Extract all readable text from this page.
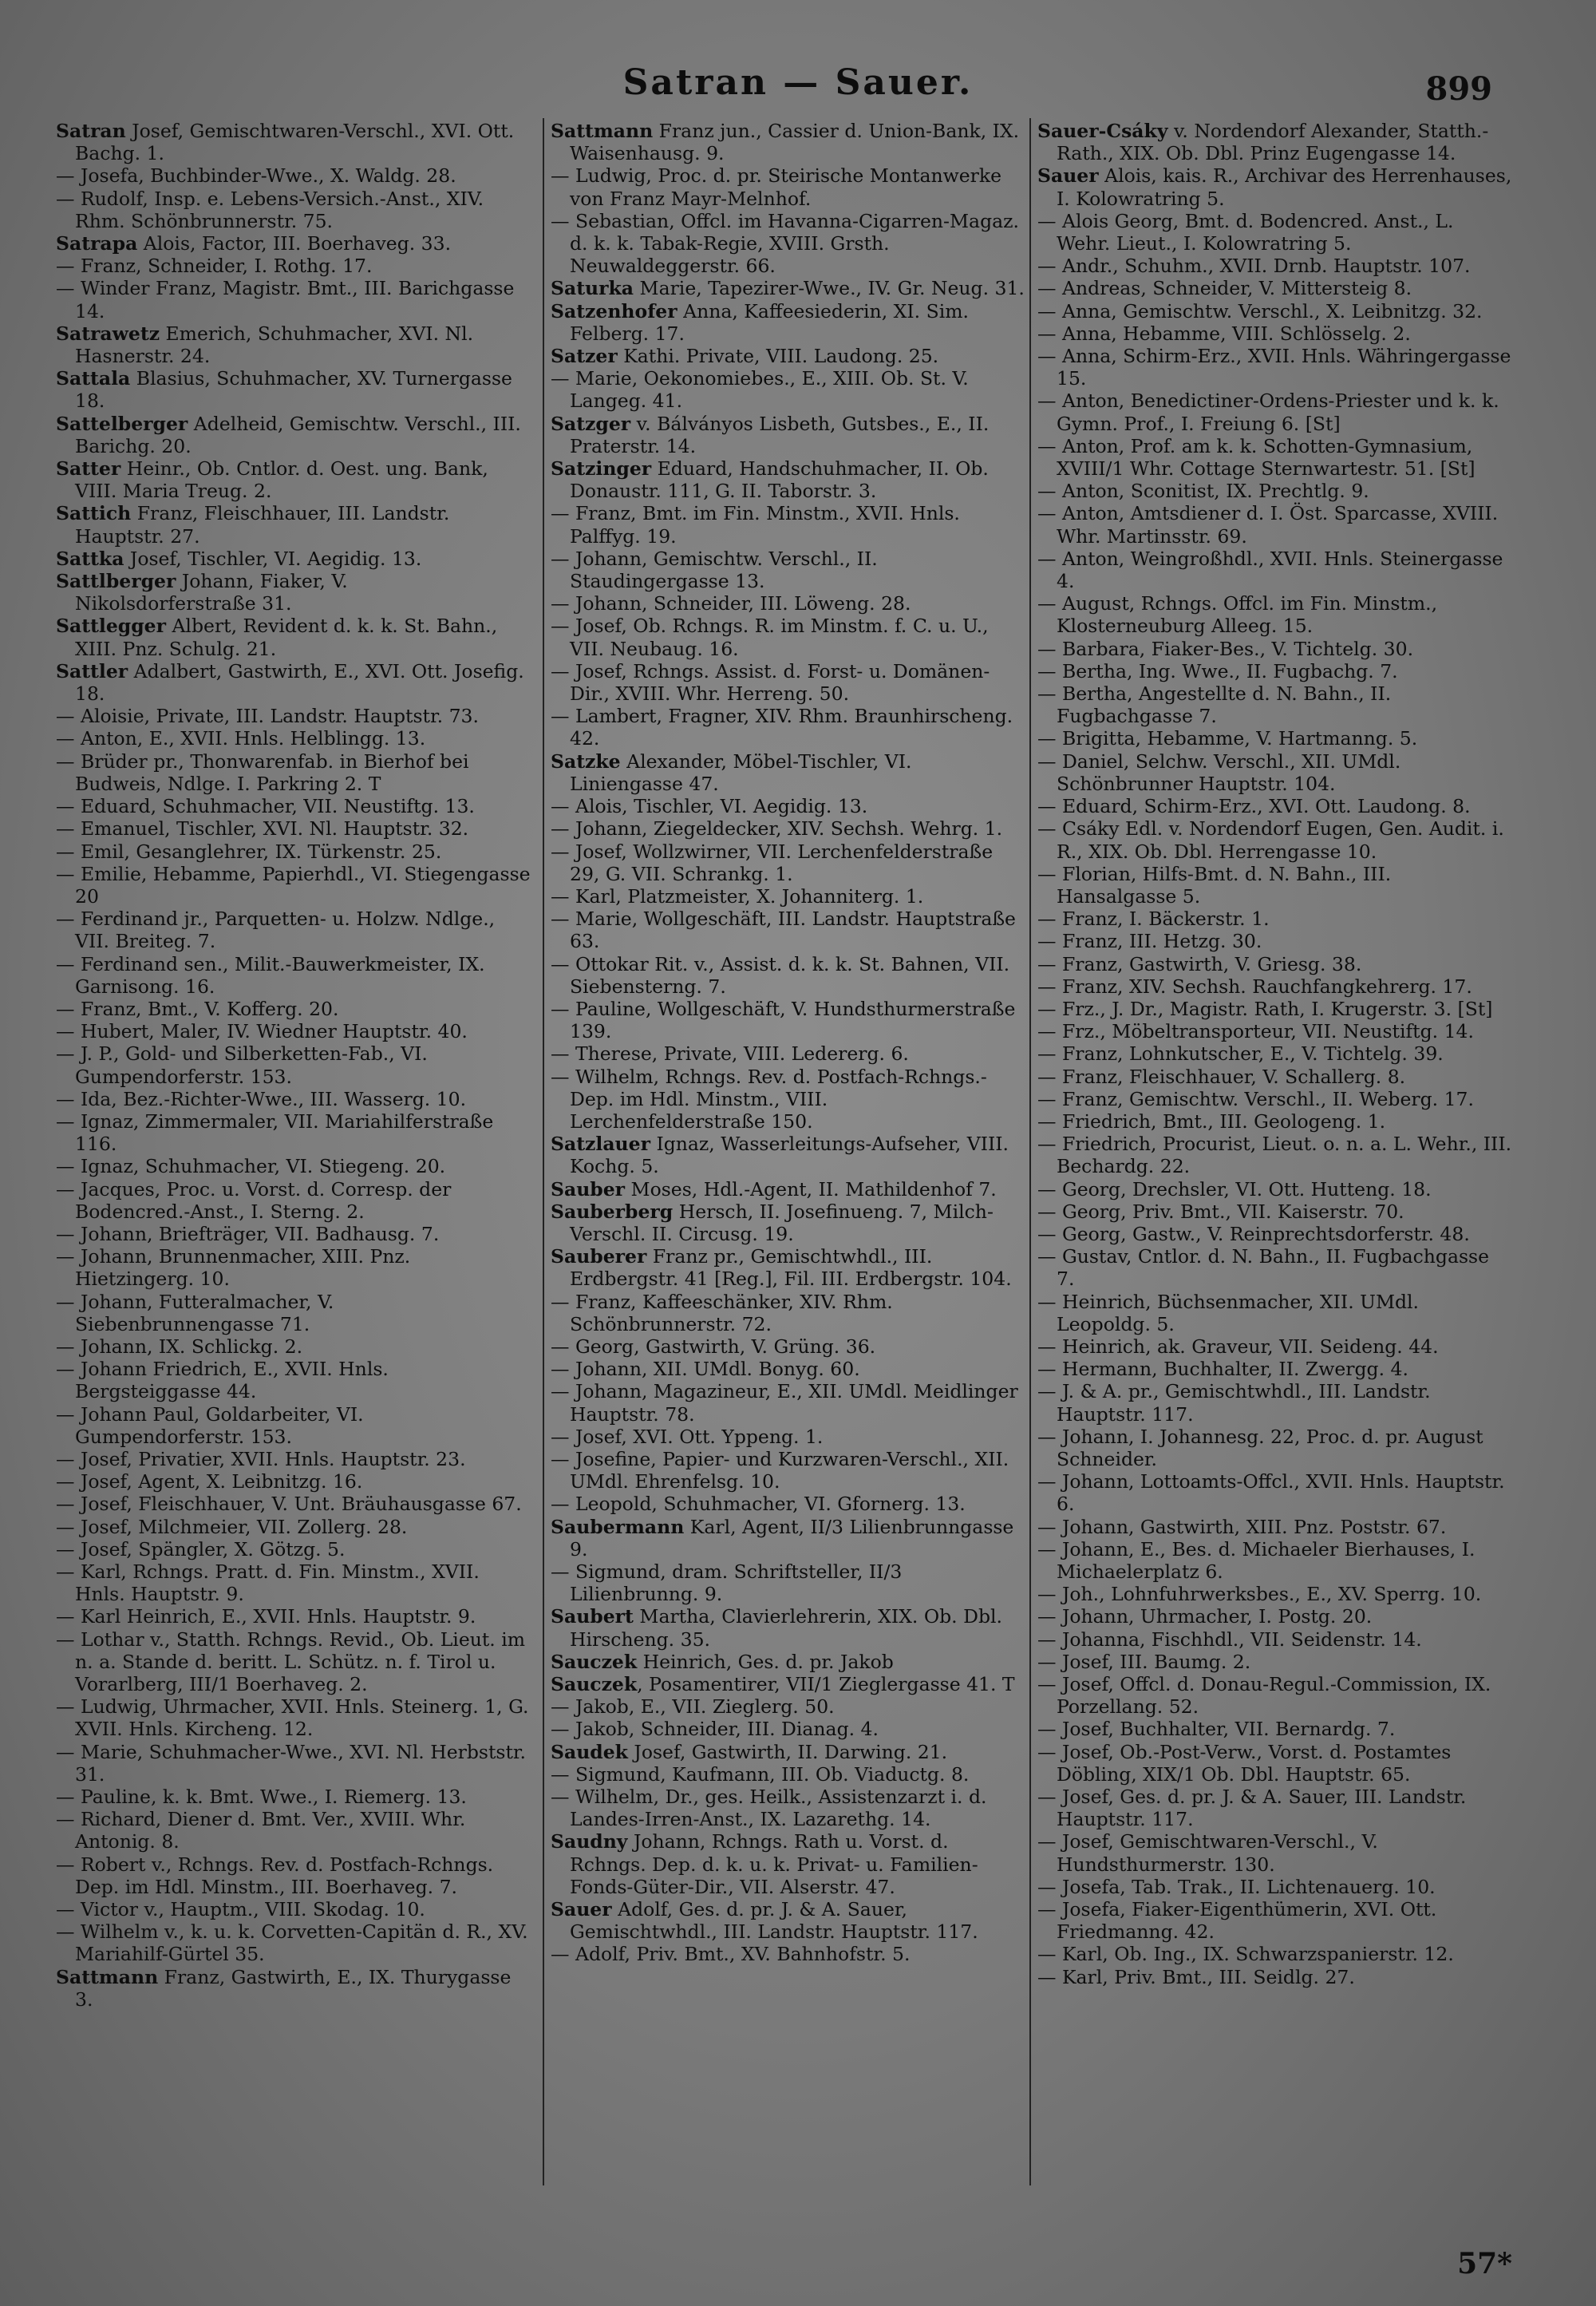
Satran — Sauer.	899

Satran Josef, Gemischtwaren-Verschl., XVI. Ott. Bachg. 1.

— Josefa, Buchbinder-Wwe., X. Waldg. 28.

— Rudolf, Insp. e. Lebens-Versich.-Anst., XIV. Rhm. Schönbrunnerstr. 75.

Satrapa Alois, Factor, III. Boerhaveg. 33.

— Franz, Schneider, I. Rothg. 17.

— Winder Franz, Magistr. Bmt., III. Barichgasse 14.

Satrawetz Emerich, Schuhmacher, XVI. Nl. Hasnerstr. 24.

Sattala Blasius, Schuhmacher, XV. Turnergasse 18.

Sattelberger Adelheid, Gemischtw. Verschl., III. Barichg. 20.

Satter Heinr., Ob. Cntlor. d. Oest. ung. Bank, VIII. Maria Treug. 2.

Sattich Franz, Fleischhauer, III. Landstr. Hauptstr. 27.

Sattka Josef, Tischler, VI. Aegidig. 13.

Sattlberger Johann, Fiaker, V. Nikolsdorferstraße 31.

Sattlegger Albert, Revident d. k. k. St. Bahn., XIII. Pnz. Schulg. 21.

Sattler Adalbert, Gastwirth, E., XVI. Ott. Josefig. 18.

— Aloisie, Private, III. Landstr. Hauptstr. 73.

— Anton, E., XVII. Hnls. Helblingg. 13.

— Brüder pr., Thonwarenfab. in Bierhof bei Budweis, Ndlge. I. Parkring 2. T

— Eduard, Schuhmacher, VII. Neustiftg. 13.

— Emanuel, Tischler, XVI. Nl. Hauptstr. 32.

— Emil, Gesanglehrer, IX. Türkenstr. 25.

— Emilie, Hebamme, Papierhdl., VI. Stiegengasse 20

— Ferdinand jr., Parquetten- u. Holzw. Ndlge., VII. Breiteg. 7.

— Ferdinand sen., Milit.-Bauwerkmeister, IX. Garnisong. 16.

— Franz, Bmt., V. Kofferg. 20.

— Hubert, Maler, IV. Wiedner Hauptstr. 40.

— J. P., Gold- und Silberketten-Fab., VI. Gumpendorferstr. 153.

— Ida, Bez.-Richter-Wwe., III. Wasserg. 10.

— Ignaz, Zimmermaler, VII. Mariahilferstraße 116.

— Ignaz, Schuhmacher, VI. Stiegeng. 20.

— Jacques, Proc. u. Vorst. d. Corresp. der Bodencred.-Anst., I. Sterng. 2.

— Johann, Briefträger, VII. Badhausg. 7.

— Johann, Brunnenmacher, XIII. Pnz. Hietzingerg. 10.

— Johann, Futteralmacher, V. Siebenbrunnengasse 71.

— Johann, IX. Schlickg. 2.

— Johann Friedrich, E., XVII. Hnls. Bergsteiggasse 44.

— Johann Paul, Goldarbeiter, VI. Gumpendorferstr. 153.

— Josef, Privatier, XVII. Hnls. Hauptstr. 23.

— Josef, Agent, X. Leibnitzg. 16.

— Josef, Fleischhauer, V. Unt. Bräuhausgasse 67.

— Josef, Milchmeier, VII. Zollerg. 28.

— Josef, Spängler, X. Götzg. 5.

— Karl, Rchngs. Pratt. d. Fin. Minstm., XVII. Hnls. Hauptstr. 9.

— Karl Heinrich, E., XVII. Hnls. Hauptstr. 9.

— Lothar v., Statth. Rchngs. Revid., Ob. Lieut. im n. a. Stande d. beritt. L. Schütz. n. f. Tirol u. Vorarlberg, III/1 Boerhaveg. 2.

— Ludwig, Uhrmacher, XVII. Hnls. Steinerg. 1, G. XVII. Hnls. Kircheng. 12.

— Marie, Schuhmacher-Wwe., XVI. Nl. Herbststr. 31.

— Pauline, k. k. Bmt. Wwe., I. Riemerg. 13.

— Richard, Diener d. Bmt. Ver., XVIII. Whr. Antonig. 8.

— Robert v., Rchngs. Rev. d. Postfach-Rchngs. Dep. im Hdl. Minstm., III. Boerhaveg. 7.

— Victor v., Hauptm., VIII. Skodag. 10.

— Wilhelm v., k. u. k. Corvetten-Capitän d. R., XV. Mariahilf-Gürtel 35.

Sattmann Franz, Gastwirth, E., IX. Thurygasse 3.

Sattmann Franz jun., Cassier d. Union-Bank, IX. Waisenhausg. 9.

— Ludwig, Proc. d. pr. Steirische Montanwerke von Franz Mayr-Melnhof.

— Sebastian, Offcl. im Havanna-Cigarren-Magaz. d. k. k. Tabak-Regie, XVIII. Grsth. Neuwaldeggerstr. 66.

Saturka Marie, Tapezirer-Wwe., IV. Gr. Neug. 31.

Satzenhofer Anna, Kaffeesiederin, XI. Sim. Felberg. 17.

Satzer Kathi. Private, VIII. Laudong. 25.

— Marie, Oekonomiebes., E., XIII. Ob. St. V. Langeg. 41.

Satzger v. Bálványos Lisbeth, Gutsbes., E., II. Praterstr. 14.

Satzinger Eduard, Handschuhmacher, II. Ob. Donaustr. 111, G. II. Taborstr. 3.

— Franz, Bmt. im Fin. Minstm., XVII. Hnls. Palffyg. 19.

— Johann, Gemischtw. Verschl., II. Staudingergasse 13.

— Johann, Schneider, III. Löweng. 28.

— Josef, Ob. Rchngs. R. im Minstm. f. C. u. U., VII. Neubaug. 16.

— Josef, Rchngs. Assist. d. Forst- u. Domänen-Dir., XVIII. Whr. Herreng. 50.

— Lambert, Fragner, XIV. Rhm. Braunhirscheng. 42.

Satzke Alexander, Möbel-Tischler, VI. Liniengasse 47.

— Alois, Tischler, VI. Aegidig. 13.

— Johann, Ziegeldecker, XIV. Sechsh. Wehrg. 1.

— Josef, Wollzwirner, VII. Lerchenfelderstraße 29, G. VII. Schrankg. 1.

— Karl, Platzmeister, X. Johanniterg. 1.

— Marie, Wollgeschäft, III. Landstr. Hauptstraße 63.

— Ottokar Rit. v., Assist. d. k. k. St. Bahnen, VII. Siebensterng. 7.

— Pauline, Wollgeschäft, V. Hundsthurmerstraße 139.

— Therese, Private, VIII. Ledererg. 6.

— Wilhelm, Rchngs. Rev. d. Postfach-Rchngs.-Dep. im Hdl. Minstm., VIII. Lerchenfelderstraße 150.

Satzlauer Ignaz, Wasserleitungs-Aufseher, VIII. Kochg. 5.

Sauber Moses, Hdl.-Agent, II. Mathildenhof 7.

Sauberberg Hersch, II. Josefinueng. 7, Milch-Verschl. II. Circusg. 19.

Sauberer Franz pr., Gemischtwhdl., III. Erdbergstr. 41 [Reg.], Fil. III. Erdbergstr. 104.

— Franz, Kaffeeschänker, XIV. Rhm. Schönbrunnerstr. 72.

— Georg, Gastwirth, V. Grüng. 36.

— Johann, XII. UMdl. Bonyg. 60.

— Johann, Magazineur, E., XII. UMdl. Meidlinger Hauptstr. 78.

— Josef, XVI. Ott. Yppeng. 1.

— Josefine, Papier- und Kurzwaren-Verschl., XII. UMdl. Ehrenfelsg. 10.

— Leopold, Schuhmacher, VI. Gfornerg. 13.

Saubermann Karl, Agent, II/3 Lilienbrunngasse 9.

— Sigmund, dram. Schriftsteller, II/3 Lilienbrunng. 9.

Saubert Martha, Clavierlehrerin, XIX. Ob. Dbl. Hirscheng. 35.

Sauczek Heinrich, Ges. d. pr. Jakob

Sauczek, Posamentirer, VII/1 Zieglergasse 41. T

— Jakob, E., VII. Zieglerg. 50.

— Jakob, Schneider, III. Dianag. 4.

Saudek Josef, Gastwirth, II. Darwing. 21.

— Sigmund, Kaufmann, III. Ob. Viaductg. 8.

— Wilhelm, Dr., ges. Heilk., Assistenzarzt i. d. Landes-Irren-Anst., IX. Lazarethg. 14.

Saudny Johann, Rchngs. Rath u. Vorst. d. Rchngs. Dep. d. k. u. k. Privat- u. Familien-Fonds-Güter-Dir., VII. Alserstr. 47.

Sauer Adolf, Ges. d. pr. J. & A. Sauer, Gemischtwhdl., III. Landstr. Hauptstr. 117.

— Adolf, Priv. Bmt., XV. Bahnhofstr. 5.

Sauer-Csáky v. Nordendorf Alexander, Statth.-Rath., XIX. Ob. Dbl. Prinz Eugengasse 14.

Sauer Alois, kais. R., Archivar des Herrenhauses, I. Kolowratring 5.

— Alois Georg, Bmt. d. Bodencred. Anst., L. Wehr. Lieut., I. Kolowratring 5.

— Andr., Schuhm., XVII. Drnb. Hauptstr. 107.

— Andreas, Schneider, V. Mittersteig 8.

— Anna, Gemischtw. Verschl., X. Leibnitzg. 32.

— Anna, Hebamme, VIII. Schlösselg. 2.

— Anna, Schirm-Erz., XVII. Hnls. Währingergasse 15.

— Anton, Benedictiner-Ordens-Priester und k. k. Gymn. Prof., I. Freiung 6. [St]

— Anton, Prof. am k. k. Schotten-Gymnasium, XVIII/1 Whr. Cottage Sternwartestr. 51. [St]

— Anton, Sconitist, IX. Prechtlg. 9.

— Anton, Amtsdiener d. I. Öst. Sparcasse, XVIII. Whr. Martinsstr. 69.

— Anton, Weingroßhdl., XVII. Hnls. Steinergasse 4.

— August, Rchngs. Offcl. im Fin. Minstm., Klosterneuburg Alleeg. 15.

— Barbara, Fiaker-Bes., V. Tichtelg. 30.

— Bertha, Ing. Wwe., II. Fugbachg. 7.

— Bertha, Angestellte d. N. Bahn., II. Fugbachgasse 7.

— Brigitta, Hebamme, V. Hartmanng. 5.

— Daniel, Selchw. Verschl., XII. UMdl. Schönbrunner Hauptstr. 104.

— Eduard, Schirm-Erz., XVI. Ott. Laudong. 8.

— Csáky Edl. v. Nordendorf Eugen, Gen. Audit. i. R., XIX. Ob. Dbl. Herrengasse 10.

— Florian, Hilfs-Bmt. d. N. Bahn., III. Hansalgasse 5.

— Franz, I. Bäckerstr. 1.

— Franz, III. Hetzg. 30.

— Franz, Gastwirth, V. Griesg. 38.

— Franz, XIV. Sechsh. Rauchfangkehrerg. 17.

— Frz., J. Dr., Magistr. Rath, I. Krugerstr. 3. [St]

— Frz., Möbeltransporteur, VII. Neustiftg. 14.

— Franz, Lohnkutscher, E., V. Tichtelg. 39.

— Franz, Fleischhauer, V. Schallerg. 8.

— Franz, Gemischtw. Verschl., II. Weberg. 17.

— Friedrich, Bmt., III. Geologeng. 1.

— Friedrich, Procurist, Lieut. o. n. a. L. Wehr., III. Bechardg. 22.

— Georg, Drechsler, VI. Ott. Hutteng. 18.

— Georg, Priv. Bmt., VII. Kaiserstr. 70.

— Georg, Gastw., V. Reinprechtsdorferstr. 48.

— Gustav, Cntlor. d. N. Bahn., II. Fugbachgasse 7.

— Heinrich, Büchsenmacher, XII. UMdl. Leopoldg. 5.

— Heinrich, ak. Graveur, VII. Seideng. 44.

— Hermann, Buchhalter, II. Zwergg. 4.

— J. & A. pr., Gemischtwhdl., III. Landstr. Hauptstr. 117.

— Johann, I. Johannesg. 22, Proc. d. pr. August Schneider.

— Johann, Lottoamts-Offcl., XVII. Hnls. Hauptstr. 6.

— Johann, Gastwirth, XIII. Pnz. Poststr. 67.

— Johann, E., Bes. d. Michaeler Bierhauses, I. Michaelerplatz 6.

— Joh., Lohnfuhrwerksbes., E., XV. Sperrg. 10.

— Johann, Uhrmacher, I. Postg. 20.

— Johanna, Fischhdl., VII. Seidenstr. 14.

— Josef, III. Baumg. 2.

— Josef, Offcl. d. Donau-Regul.-Commission, IX. Porzellang. 52.

— Josef, Buchhalter, VII. Bernardg. 7.

— Josef, Ob.-Post-Verw., Vorst. d. Postamtes Döbling, XIX/1 Ob. Dbl. Hauptstr. 65.

— Josef, Ges. d. pr. J. & A. Sauer, III. Landstr. Hauptstr. 117.

— Josef, Gemischtwaren-Verschl., V. Hundsthurmerstr. 130.

— Josefa, Tab. Trak., II. Lichtenauerg. 10.

— Josefa, Fiaker-Eigenthümerin, XVI. Ott. Friedmanng. 42.

— Karl, Ob. Ing., IX. Schwarzspanierstr. 12.

— Karl, Priv. Bmt., III. Seidlg. 27.

57*
